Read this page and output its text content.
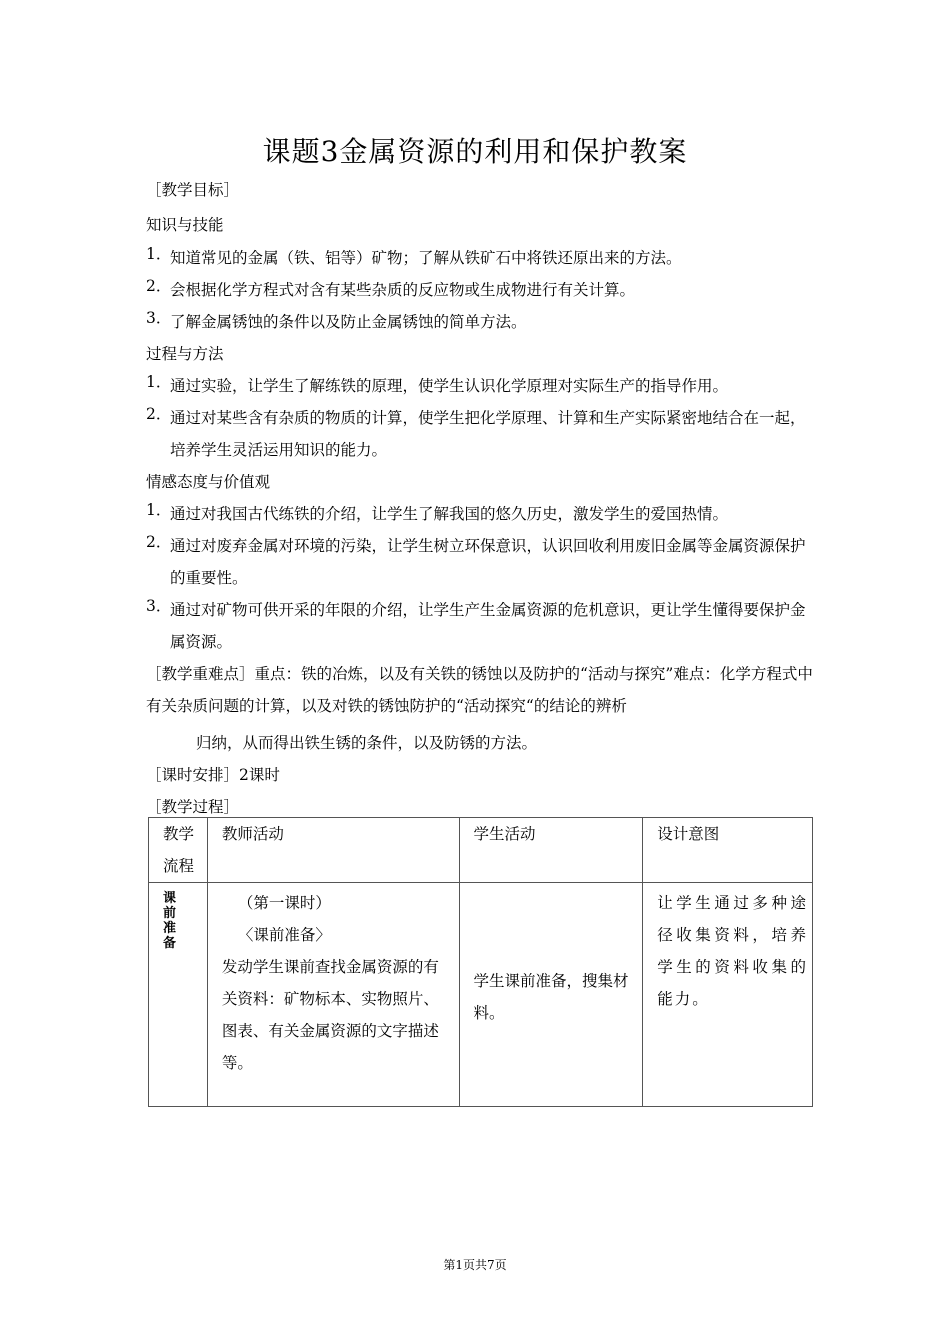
课题3金属资源的利用和保护教案
［教学目标］
知识与技能
1．
知道常见的金属（铁、铝等）矿物；了解从铁矿石中将铁还原出来的方法。
2．
会根据化学方程式对含有某些杂质的反应物或生成物进行有关计算。
3．
了解金属锈蚀的条件以及防止金属锈蚀的简单方法。
过程与方法
1．
通过实验，让学生了解练铁的原理，使学生认识化学原理对实际生产的指导作用。
2．
通过对某些含有杂质的物质的计算，使学生把化学原理、计算和生产实际紧密地结合在一起，培养学生灵活运用知识的能力。
情感态度与价值观
1．
通过对我国古代练铁的介绍，让学生了解我国的悠久历史，激发学生的爱国热情。
2．
通过对废弃金属对环境的污染，让学生树立环保意识，认识回收利用废旧金属等金属资源保护的重要性。
3．
通过对矿物可供开采的年限的介绍，让学生产生金属资源的危机意识，更让学生懂得要保护金属资源。
［教学重难点］重点：铁的冶炼，以及有关铁的锈蚀以及防护的“活动与探究”难点：化学方程式中有关杂质问题的计算，以及对铁的锈蚀防护的“活动探究“的结论的辨析
归纳，从而得出铁生锈的条件，以及防锈的方法。
［课时安排］2课时
［教学过程］
教学
流程	教师活动	学生活动	设计意图

课前准备	（第一课时）
〈课前准备〉
发动学生课前查找金属资源的有关资料：矿物标本、实物照片、图表、有关金属资源的文字描述等。	学生课前准备，搜集材料。	让学生通过多种途径收集资料，培养学生的资料收集的能力。
第1页共7页
